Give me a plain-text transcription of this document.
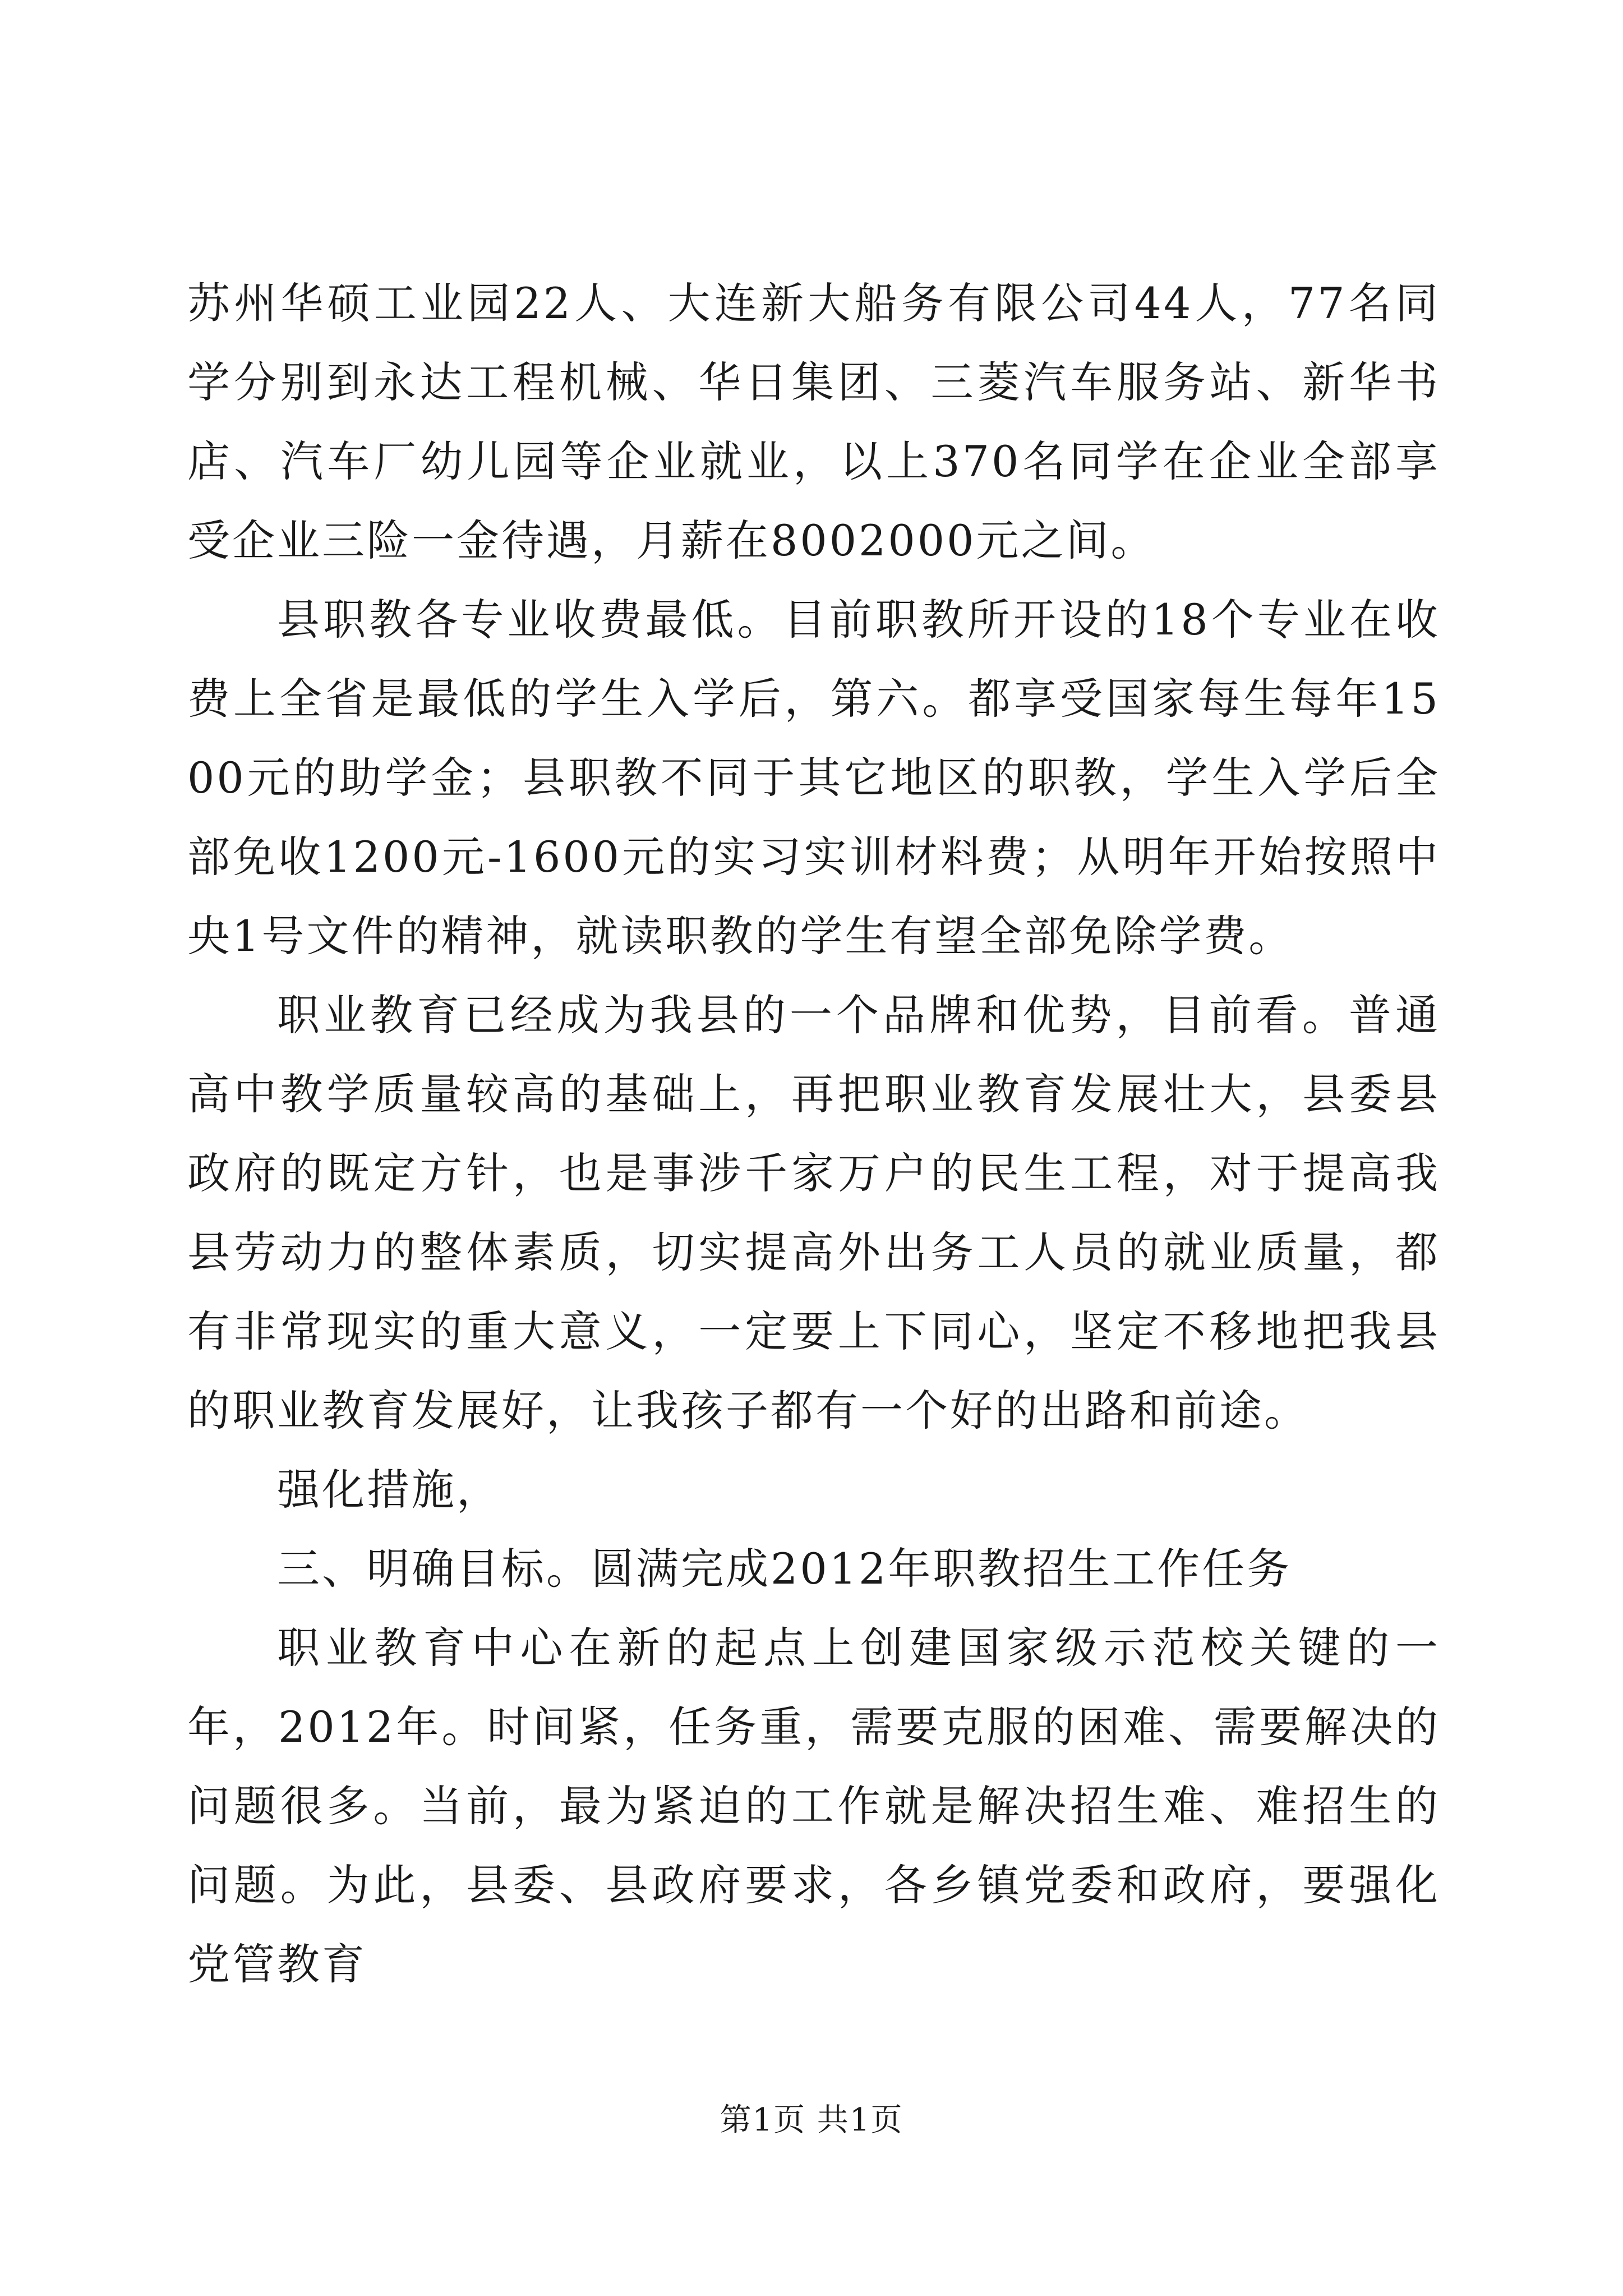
苏州华硕工业园22人、大连新大船务有限公司44人，77名同学分别到永达工程机械、华日集团、三菱汽车服务站、新华书店、汽车厂幼儿园等企业就业，以上370名同学在企业全部享受企业三险一金待遇，月薪在8002000元之间。

县职教各专业收费最低。目前职教所开设的18个专业在收费上全省是最低的学生入学后，第六。都享受国家每生每年1500元的助学金；县职教不同于其它地区的职教，学生入学后全部免收1200元-1600元的实习实训材料费；从明年开始按照中央1号文件的精神，就读职教的学生有望全部免除学费。

职业教育已经成为我县的一个品牌和优势，目前看。普通高中教学质量较高的基础上，再把职业教育发展壮大，县委县政府的既定方针，也是事涉千家万户的民生工程，对于提高我县劳动力的整体素质，切实提高外出务工人员的就业质量，都有非常现实的重大意义，一定要上下同心，坚定不移地把我县的职业教育发展好，让我孩子都有一个好的出路和前途。

强化措施，

三、明确目标。圆满完成2012年职教招生工作任务

职业教育中心在新的起点上创建国家级示范校关键的一年，2012年。时间紧，任务重，需要克服的困难、需要解决的问题很多。当前，最为紧迫的工作就是解决招生难、难招生的问题。为此，县委、县政府要求，各乡镇党委和政府，要强化党管教育

第1页 共1页
